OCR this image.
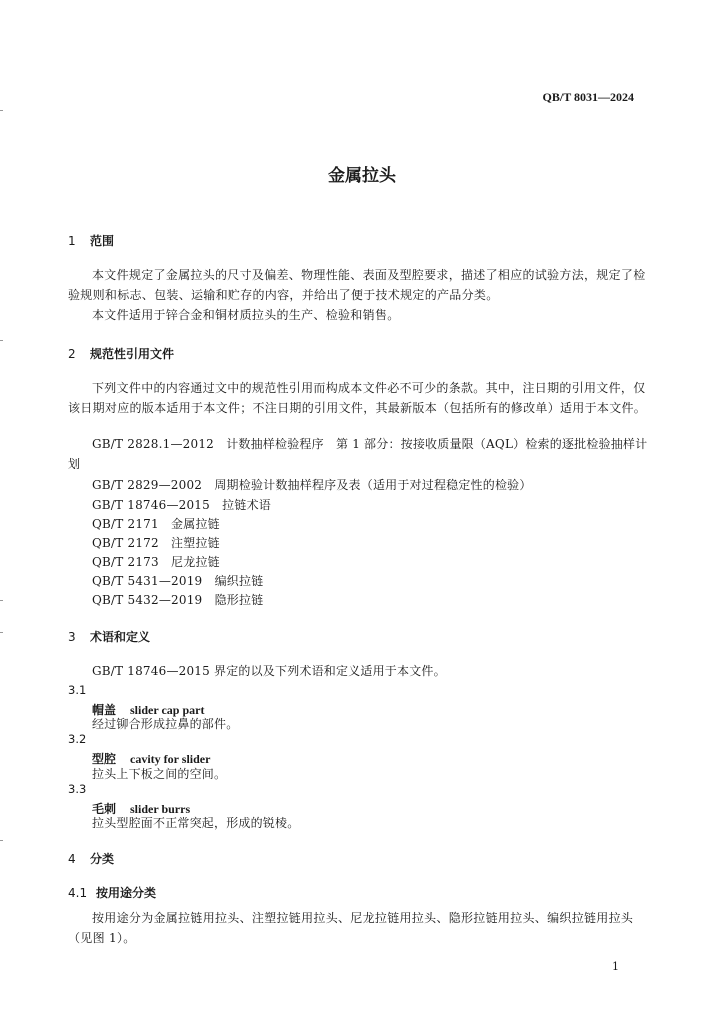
QB/T 8031—2024
金属拉头
1 范围
本文件规定了金属拉头的尺寸及偏差、物理性能、表面及型腔要求，描述了相应的试验方法，规定了检验规则和标志、包装、运输和贮存的内容，并给出了便于技术规定的产品分类。
本文件适用于锌合金和铜材质拉头的生产、检验和销售。
2 规范性引用文件
下列文件中的内容通过文中的规范性引用而构成本文件必不可少的条款。其中，注日期的引用文件，仅该日期对应的版本适用于本文件；不注日期的引用文件，其最新版本（包括所有的修改单）适用于本文件。
GB/T 2828.1—2012　计数抽样检验程序　第 1 部分：按接收质量限（AQL）检索的逐批检验抽样计划
GB/T 2829—2002　周期检验计数抽样程序及表（适用于对过程稳定性的检验）
GB/T 18746—2015　拉链术语
QB/T 2171　金属拉链
QB/T 2172　注塑拉链
QB/T 2173　尼龙拉链
QB/T 5431—2019　编织拉链
QB/T 5432—2019　隐形拉链
3 术语和定义
GB/T 18746—2015 界定的以及下列术语和定义适用于本文件。
3.1
帽盖 slider cap part
经过铆合形成拉鼻的部件。
3.2
型腔 cavity for slider
拉头上下板之间的空间。
3.3
毛刺 slider burrs
拉头型腔面不正常突起，形成的锐棱。
4 分类
4.1 按用途分类
按用途分为金属拉链用拉头、注塑拉链用拉头、尼龙拉链用拉头、隐形拉链用拉头、编织拉链用拉头（见图 1）。
1
